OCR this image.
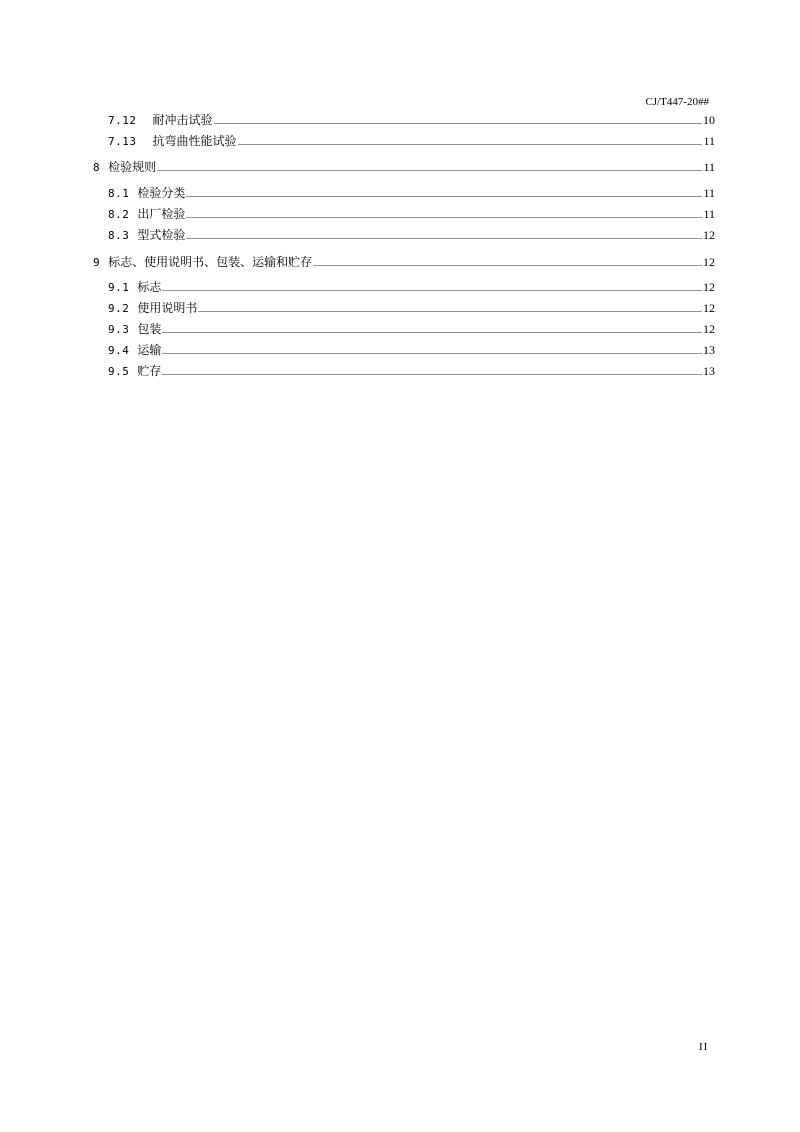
CJ/T447-20##
7.12 耐冲击试验	10
7.13 抗弯曲性能试验	11
8 检验规则	11
8.1 检验分类	11
8.2 出厂检验	11
8.3 型式检验	12
9 标志、使用说明书、包装、运输和贮存	12
9.1 标志	12
9.2 使用说明书	12
9.3 包装	12
9.4 运输	13
9.5 贮存	13
II
